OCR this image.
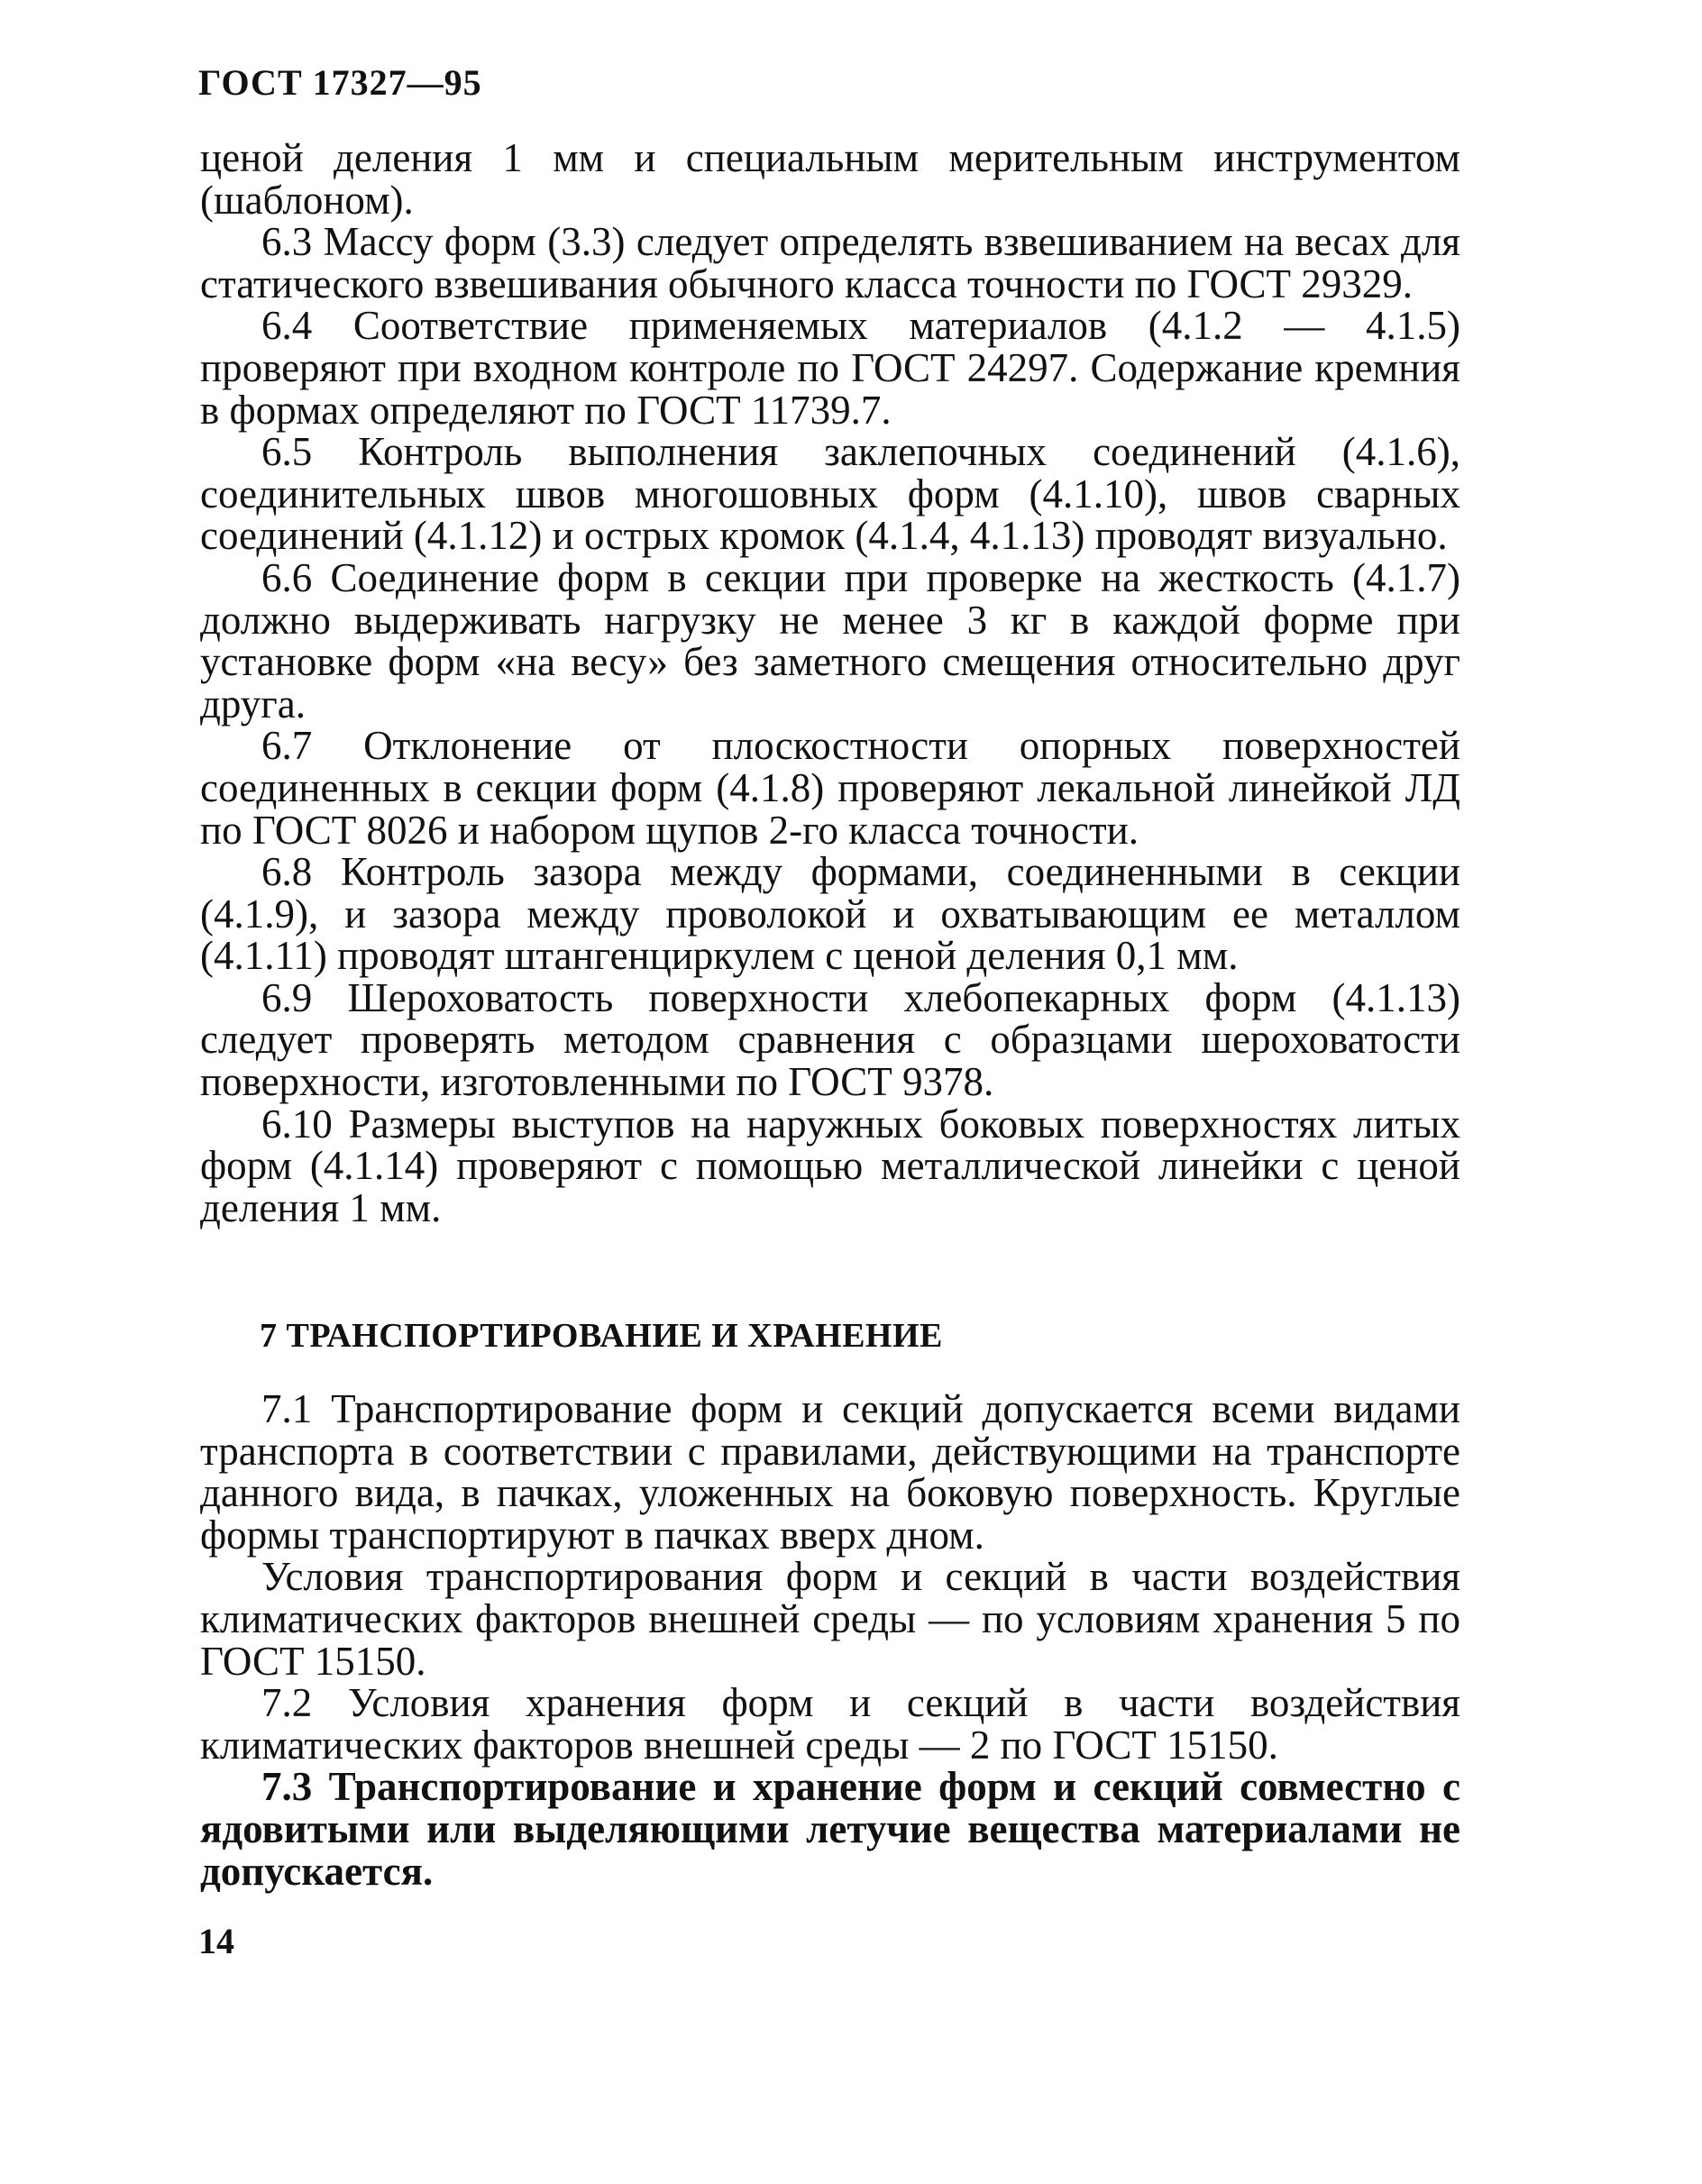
ГОСТ 17327—95

ценой деления 1 мм и специальным мерительным инструментом (шаблоном).

6.3 Массу форм (3.3) следует определять взвешиванием на весах для статического взвешивания обычного класса точности по ГОСТ 29329.

6.4 Соответствие применяемых материалов (4.1.2 — 4.1.5) проверяют при входном контроле по ГОСТ 24297. Содержание кремния в формах определяют по ГОСТ 11739.7.

6.5 Контроль выполнения заклепочных соединений (4.1.6), соединительных швов многошовных форм (4.1.10), швов сварных соединений (4.1.12) и острых кромок (4.1.4, 4.1.13) проводят визуально.

6.6 Соединение форм в секции при проверке на жесткость (4.1.7) должно выдерживать нагрузку не менее 3 кг в каждой форме при установке форм «на весу» без заметного смещения относительно друг друга.

6.7 Отклонение от плоскостности опорных поверхностей соединенных в секции форм (4.1.8) проверяют лекальной линейкой ЛД по ГОСТ 8026 и набором щупов 2-го класса точности.

6.8 Контроль зазора между формами, соединенными в секции (4.1.9), и зазора между проволокой и охватывающим ее металлом (4.1.11) проводят штангенциркулем с ценой деления 0,1 мм.

6.9 Шероховатость поверхности хлебопекарных форм (4.1.13) следует проверять методом сравнения с образцами шероховатости поверхности, изготовленными по ГОСТ 9378.

6.10 Размеры выступов на наружных боковых поверхностях литых форм (4.1.14) проверяют с помощью металлической линейки с ценой деления 1 мм.

7 ТРАНСПОРТИРОВАНИЕ И ХРАНЕНИЕ

7.1 Транспортирование форм и секций допускается всеми видами транспорта в соответствии с правилами, действующими на транспорте данного вида, в пачках, уложенных на боковую поверхность. Круглые формы транспортируют в пачках вверх дном.

Условия транспортирования форм и секций в части воздействия климатических факторов внешней среды — по условиям хранения 5 по ГОСТ 15150.

7.2 Условия хранения форм и секций в части воздействия климатических факторов внешней среды — 2 по ГОСТ 15150.

7.3 Транспортирование и хранение форм и секций совместно с ядовитыми или выделяющими летучие вещества материалами не допускается.

14
